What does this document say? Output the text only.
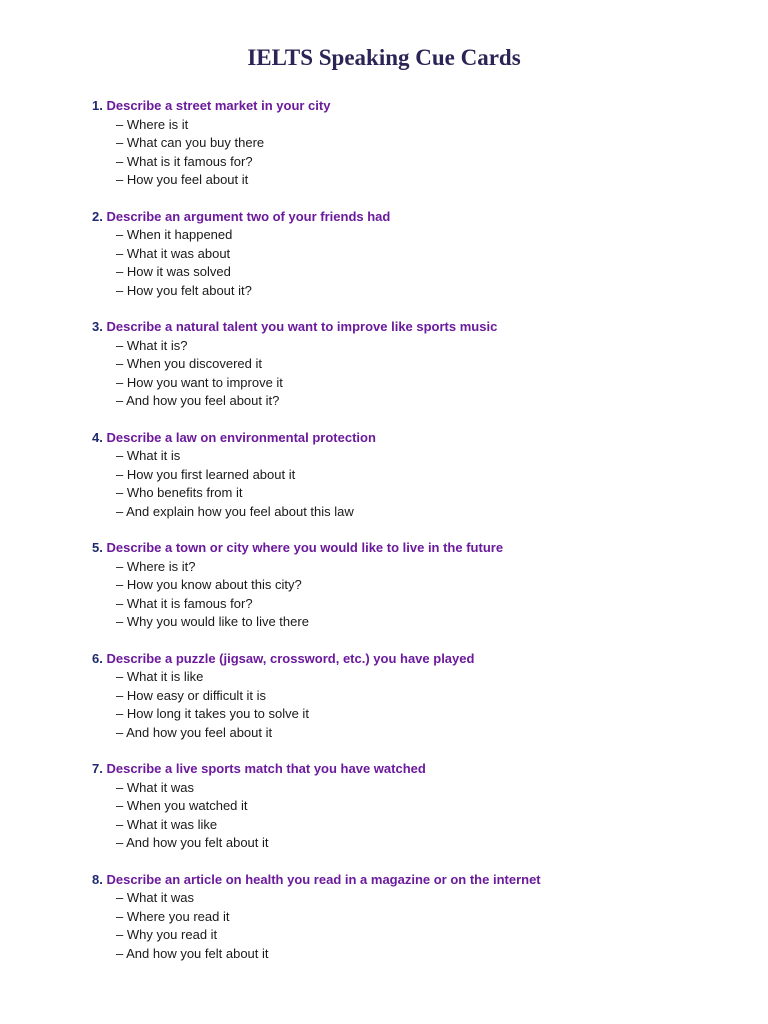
IELTS Speaking Cue Cards
1. Describe a street market in your city
– Where is it
– What can you buy there
– What is it famous for?
– How you feel about it
2. Describe an argument two of your friends had
– When it happened
– What it was about
– How it was solved
– How you felt about it?
3. Describe a natural talent you want to improve like sports music
– What it is?
– When you discovered it
– How you want to improve it
– And how you feel about it?
4. Describe a law on environmental protection
– What it is
– How you first learned about it
– Who benefits from it
– And explain how you feel about this law
5. Describe a town or city where you would like to live in the future
– Where is it?
– How you know about this city?
– What it is famous for?
– Why you would like to live there
6. Describe a puzzle (jigsaw, crossword, etc.) you have played
– What it is like
– How easy or difficult it is
– How long it takes you to solve it
– And how you feel about it
7. Describe a live sports match that you have watched
– What it was
– When you watched it
– What it was like
– And how you felt about it
8. Describe an article on health you read in a magazine or on the internet
– What it was
– Where you read it
– Why you read it
– And how you felt about it
